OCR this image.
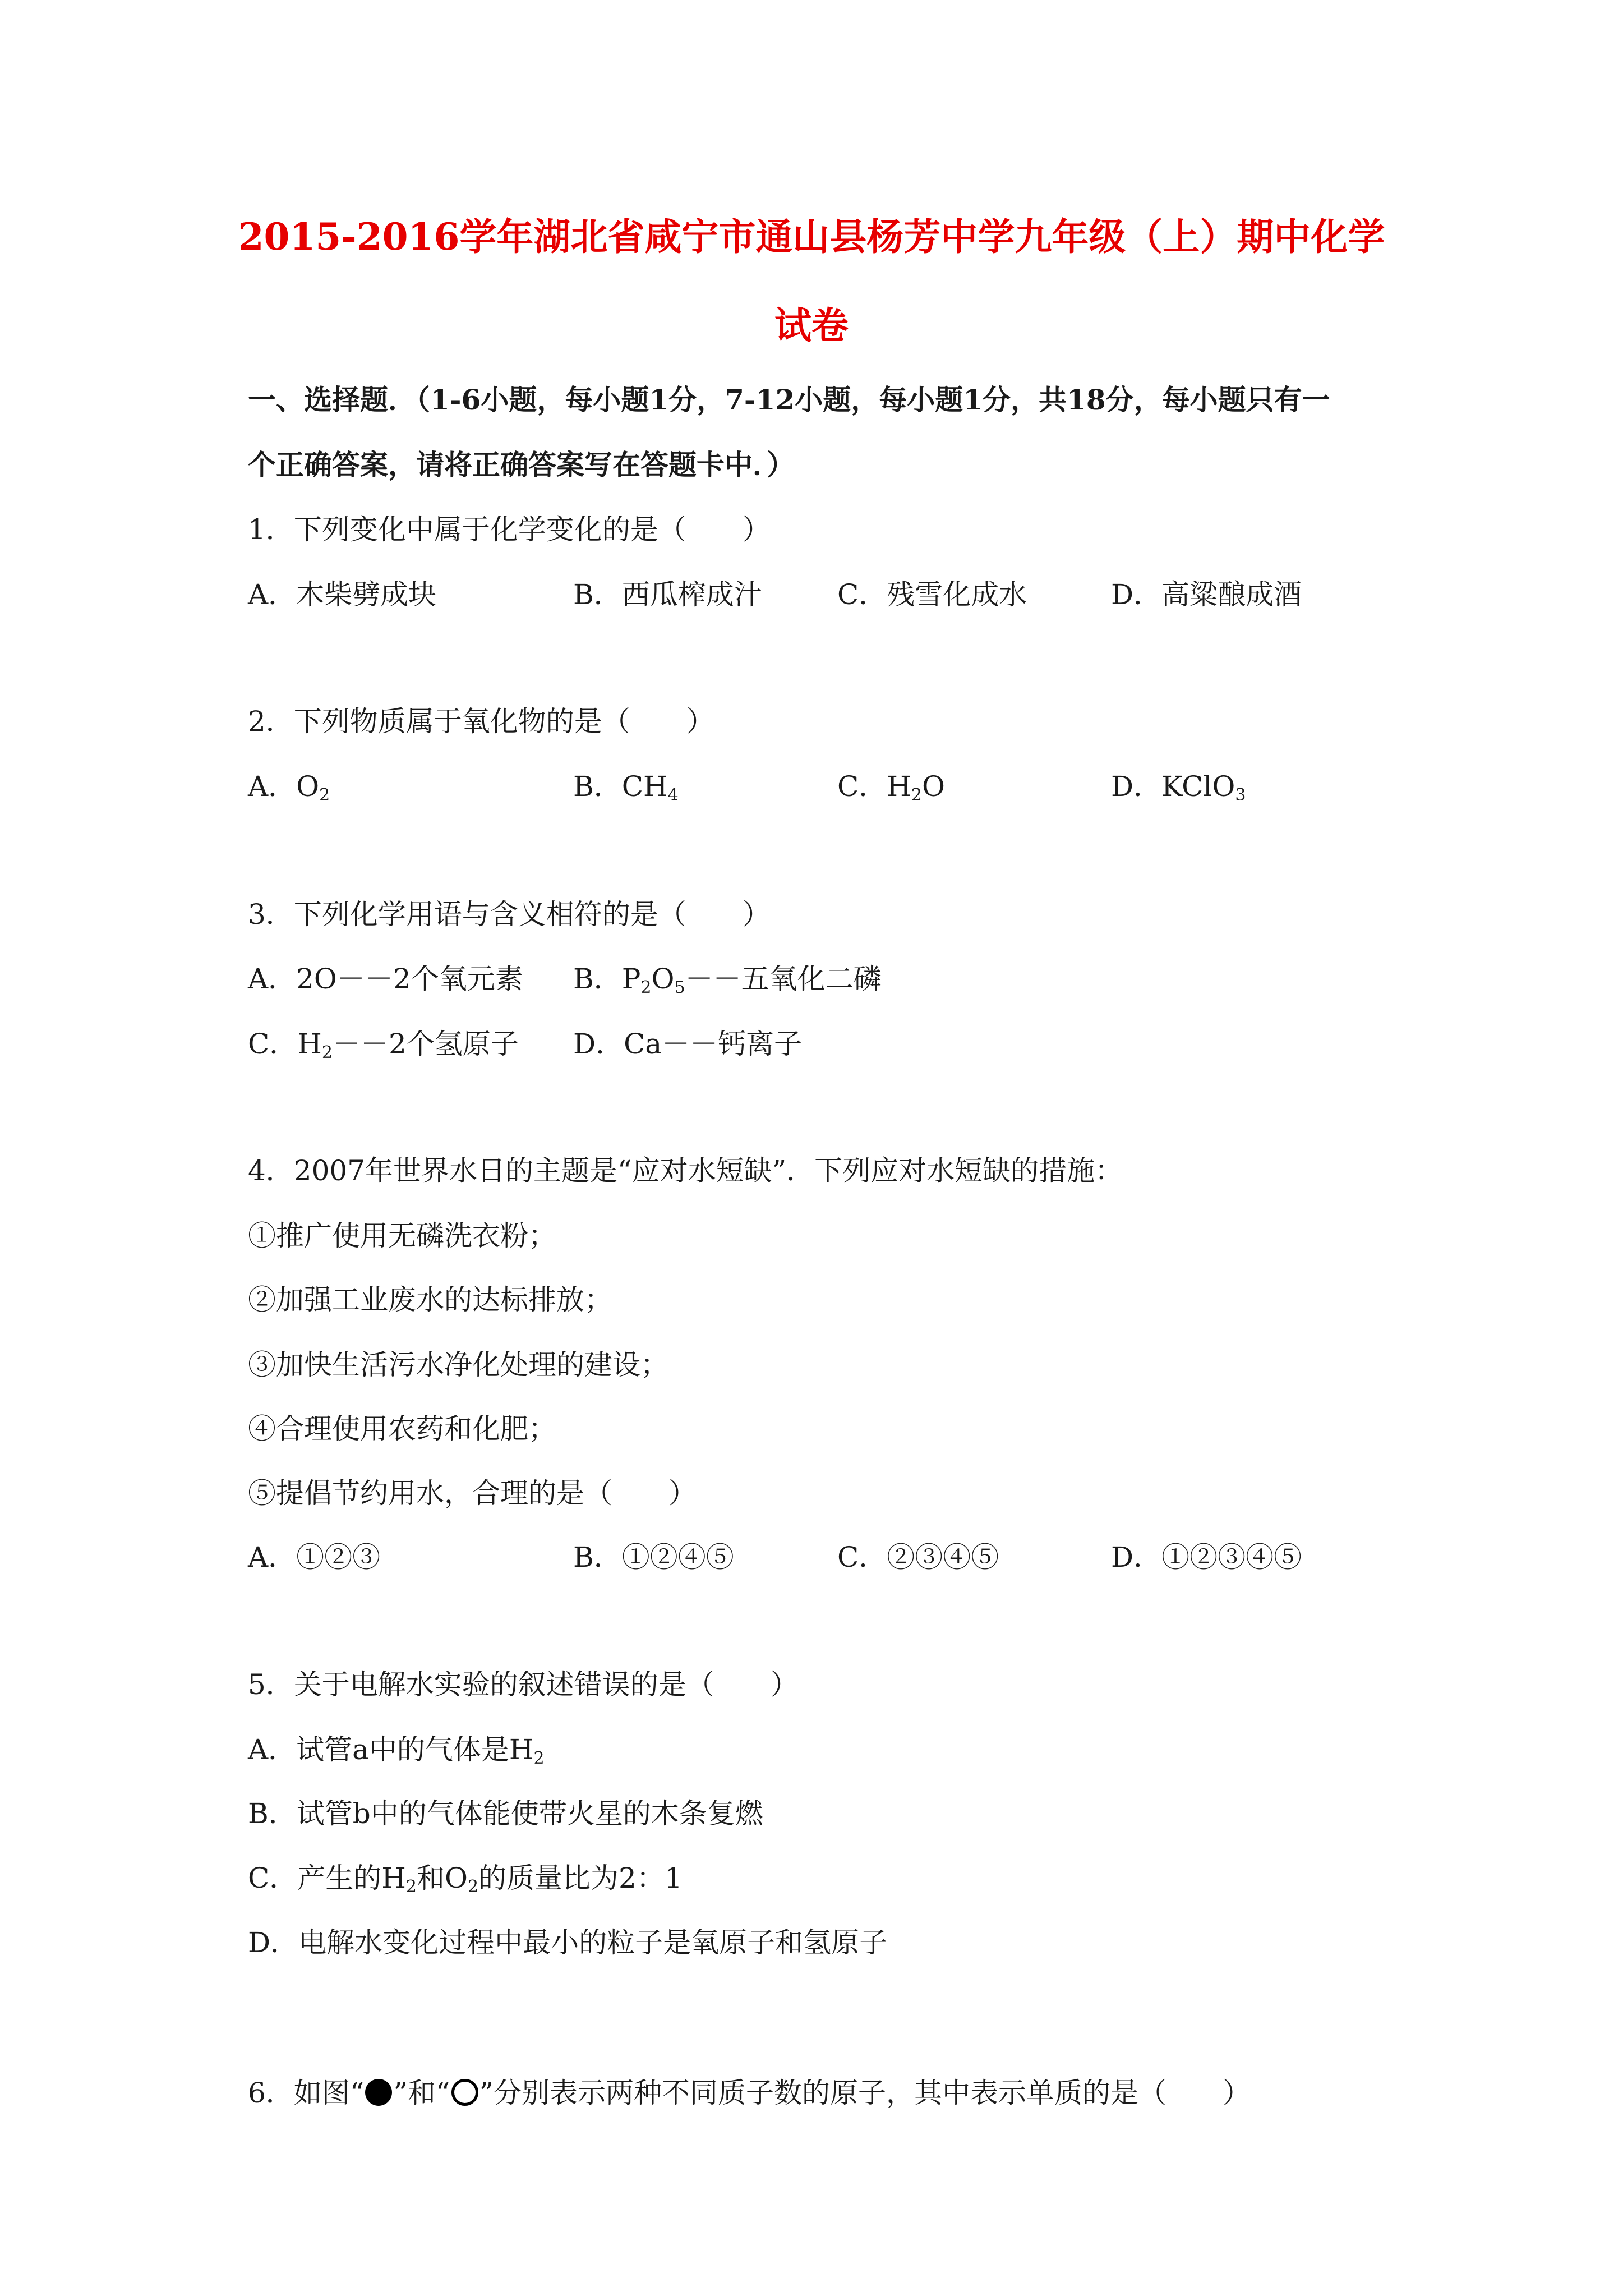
2015-2016学年湖北省咸宁市通山县杨芳中学九年级（上）期中化学
试卷
一、选择题．（1-6小题，每小题1分，7-12小题，每小题1分，共18分，每小题只有一
个正确答案，请将正确答案写在答题卡中．）
1．下列变化中属于化学变化的是（　　）
A．木柴劈成块	B．西瓜榨成汁	C．残雪化成水	D．高粱酿成酒
2．下列物质属于氧化物的是（　　）
A．$O_2$	B．$CH_4$	C．$H_2O$	D．KClO$_3$
3．下列化学用语与含义相符的是（　　）
A．2O－－2个氧元素 B．$P_2O_5--$五氧化二磷
C．$H_2--2$个氢原子 D．Ca－－钙离子
4．2007年世界水日的主题是“应对水短缺”．下列应对水短缺的措施：
①推广使用无磷洗衣粉；
②加强工业废水的达标排放；
③加快生活污水净化处理的建设；
④合理使用农药和化肥；
⑤提倡节约用水，合理的是（　　）
A．①②③	B．①②④⑤	C．②③④⑤	D．①②③④⑤
5．关于电解水实验的叙述错误的是（　　）
A．试管a中的气体是$H_2$
B．试管b中的气体能使带火星的木条复燃
C．产生的$H_2$和$O_2$的质量比为2：1
D．电解水变化过程中最小的粒子是氧原子和氢原子
6．如图“ ”和“ ”分别表示两种不同质子数的原子，其中表示单质的是（　　）
